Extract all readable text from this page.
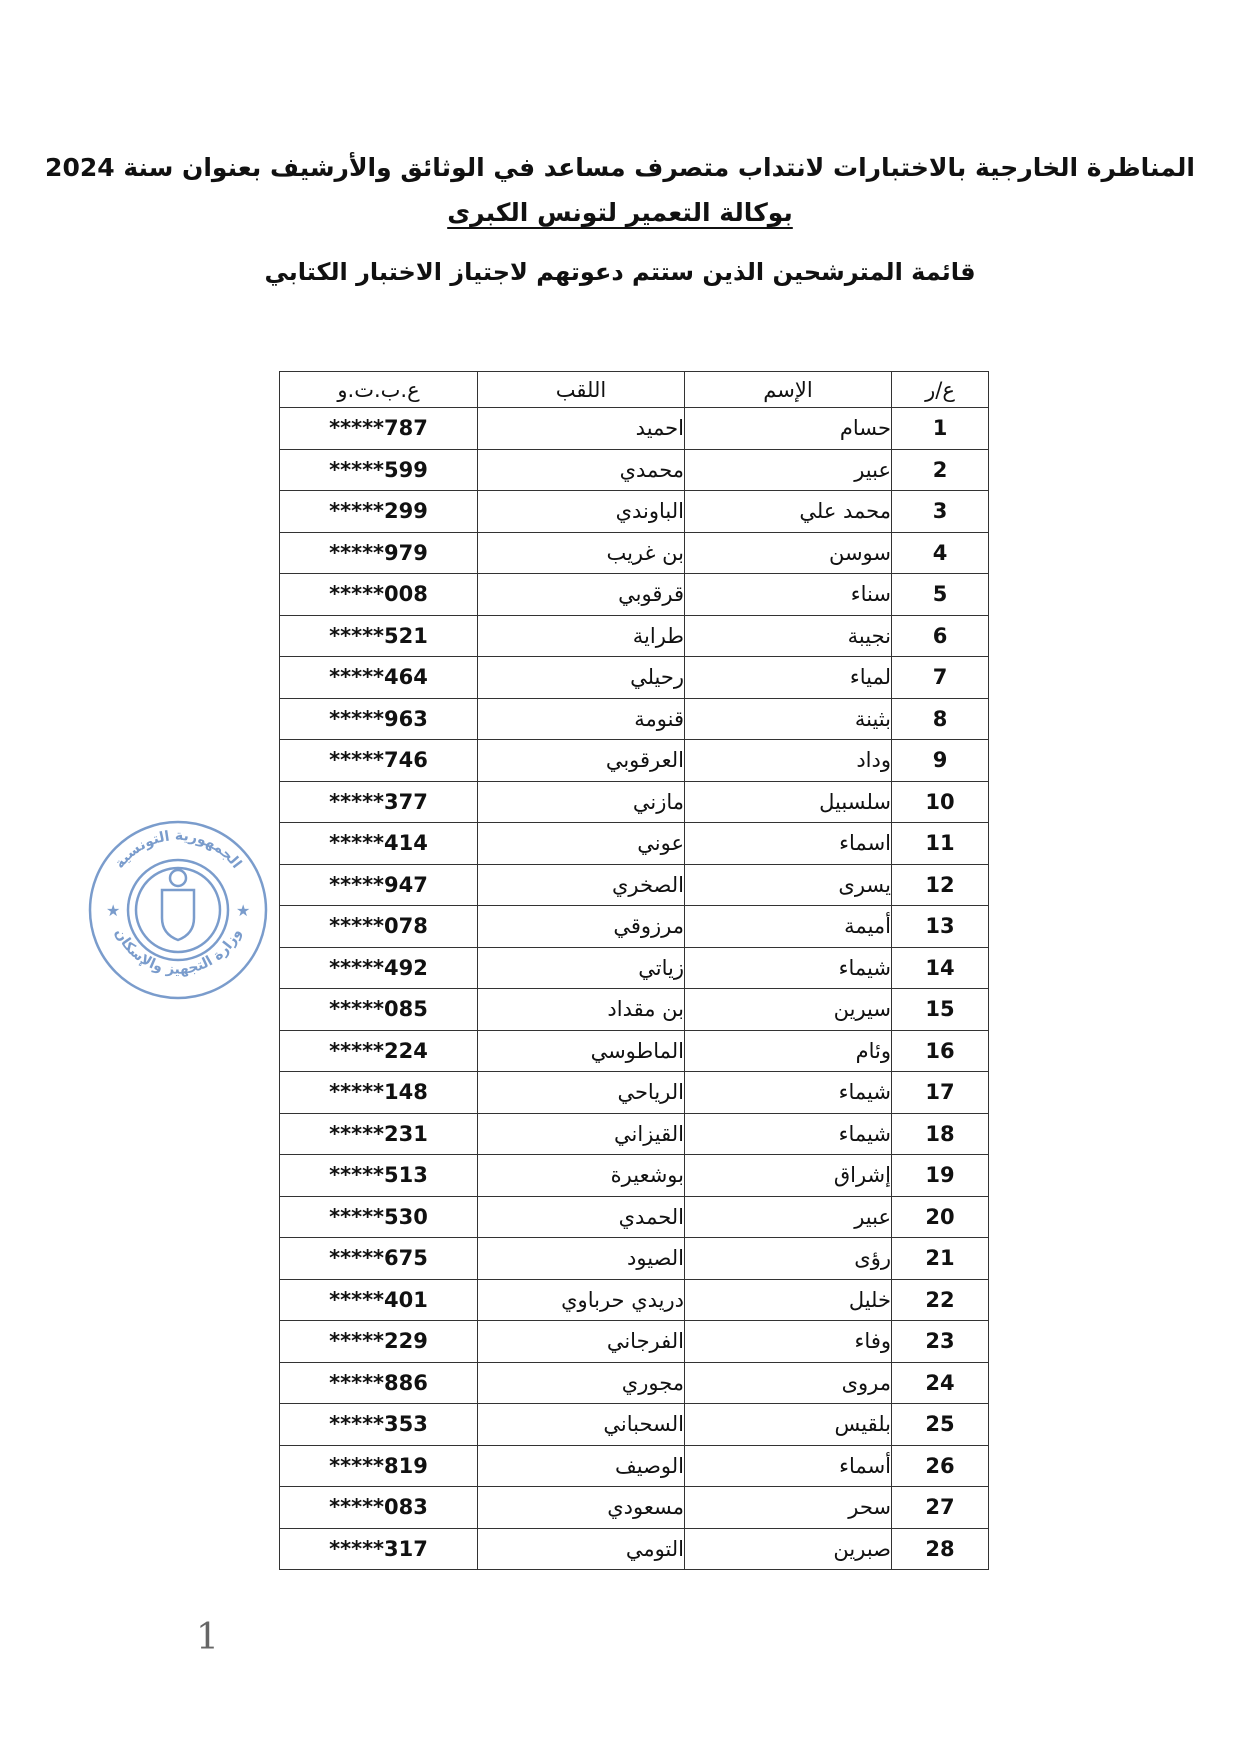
المناظرة الخارجية بالاختبارات لانتداب متصرف مساعد في الوثائق والأرشيف بعنوان سنة 2024
بوكالة التعمير لتونس الكبرى
قائمة المترشحين الذين ستتم دعوتهم لاجتياز الاختبار الكتابي
الجمهورية التونسية
وزارة التجهيز والإسكان
★	★
ع/ر	الإسم	اللقب	ع.ب.ت.و
1	حسام	احميد	*****787
2	عبير	محمدي	*****599
3	محمد علي	الباوندي	*****299
4	سوسن	بن غريب	*****979
5	سناء	قرقوبي	*****008
6	نجيبة	طراية	*****521
7	لمياء	رحيلي	*****464
8	بثينة	قنومة	*****963
9	وداد	العرقوبي	*****746
10	سلسبيل	مازني	*****377
11	اسماء	عوني	*****414
12	يسرى	الصخري	*****947
13	أميمة	مرزوقي	*****078
14	شيماء	زياتي	*****492
15	سيرين	بن مقداد	*****085
16	وئام	الماطوسي	*****224
17	شيماء	الرياحي	*****148
18	شيماء	القيزاني	*****231
19	إشراق	بوشعيرة	*****513
20	عبير	الحمدي	*****530
21	رؤى	الصيود	*****675
22	خليل	دريدي حرباوي	*****401
23	وفاء	الفرجاني	*****229
24	مروى	مجوري	*****886
25	بلقيس	السحباني	*****353
26	أسماء	الوصيف	*****819
27	سحر	مسعودي	*****083
28	صبرين	التومي	*****317
1
